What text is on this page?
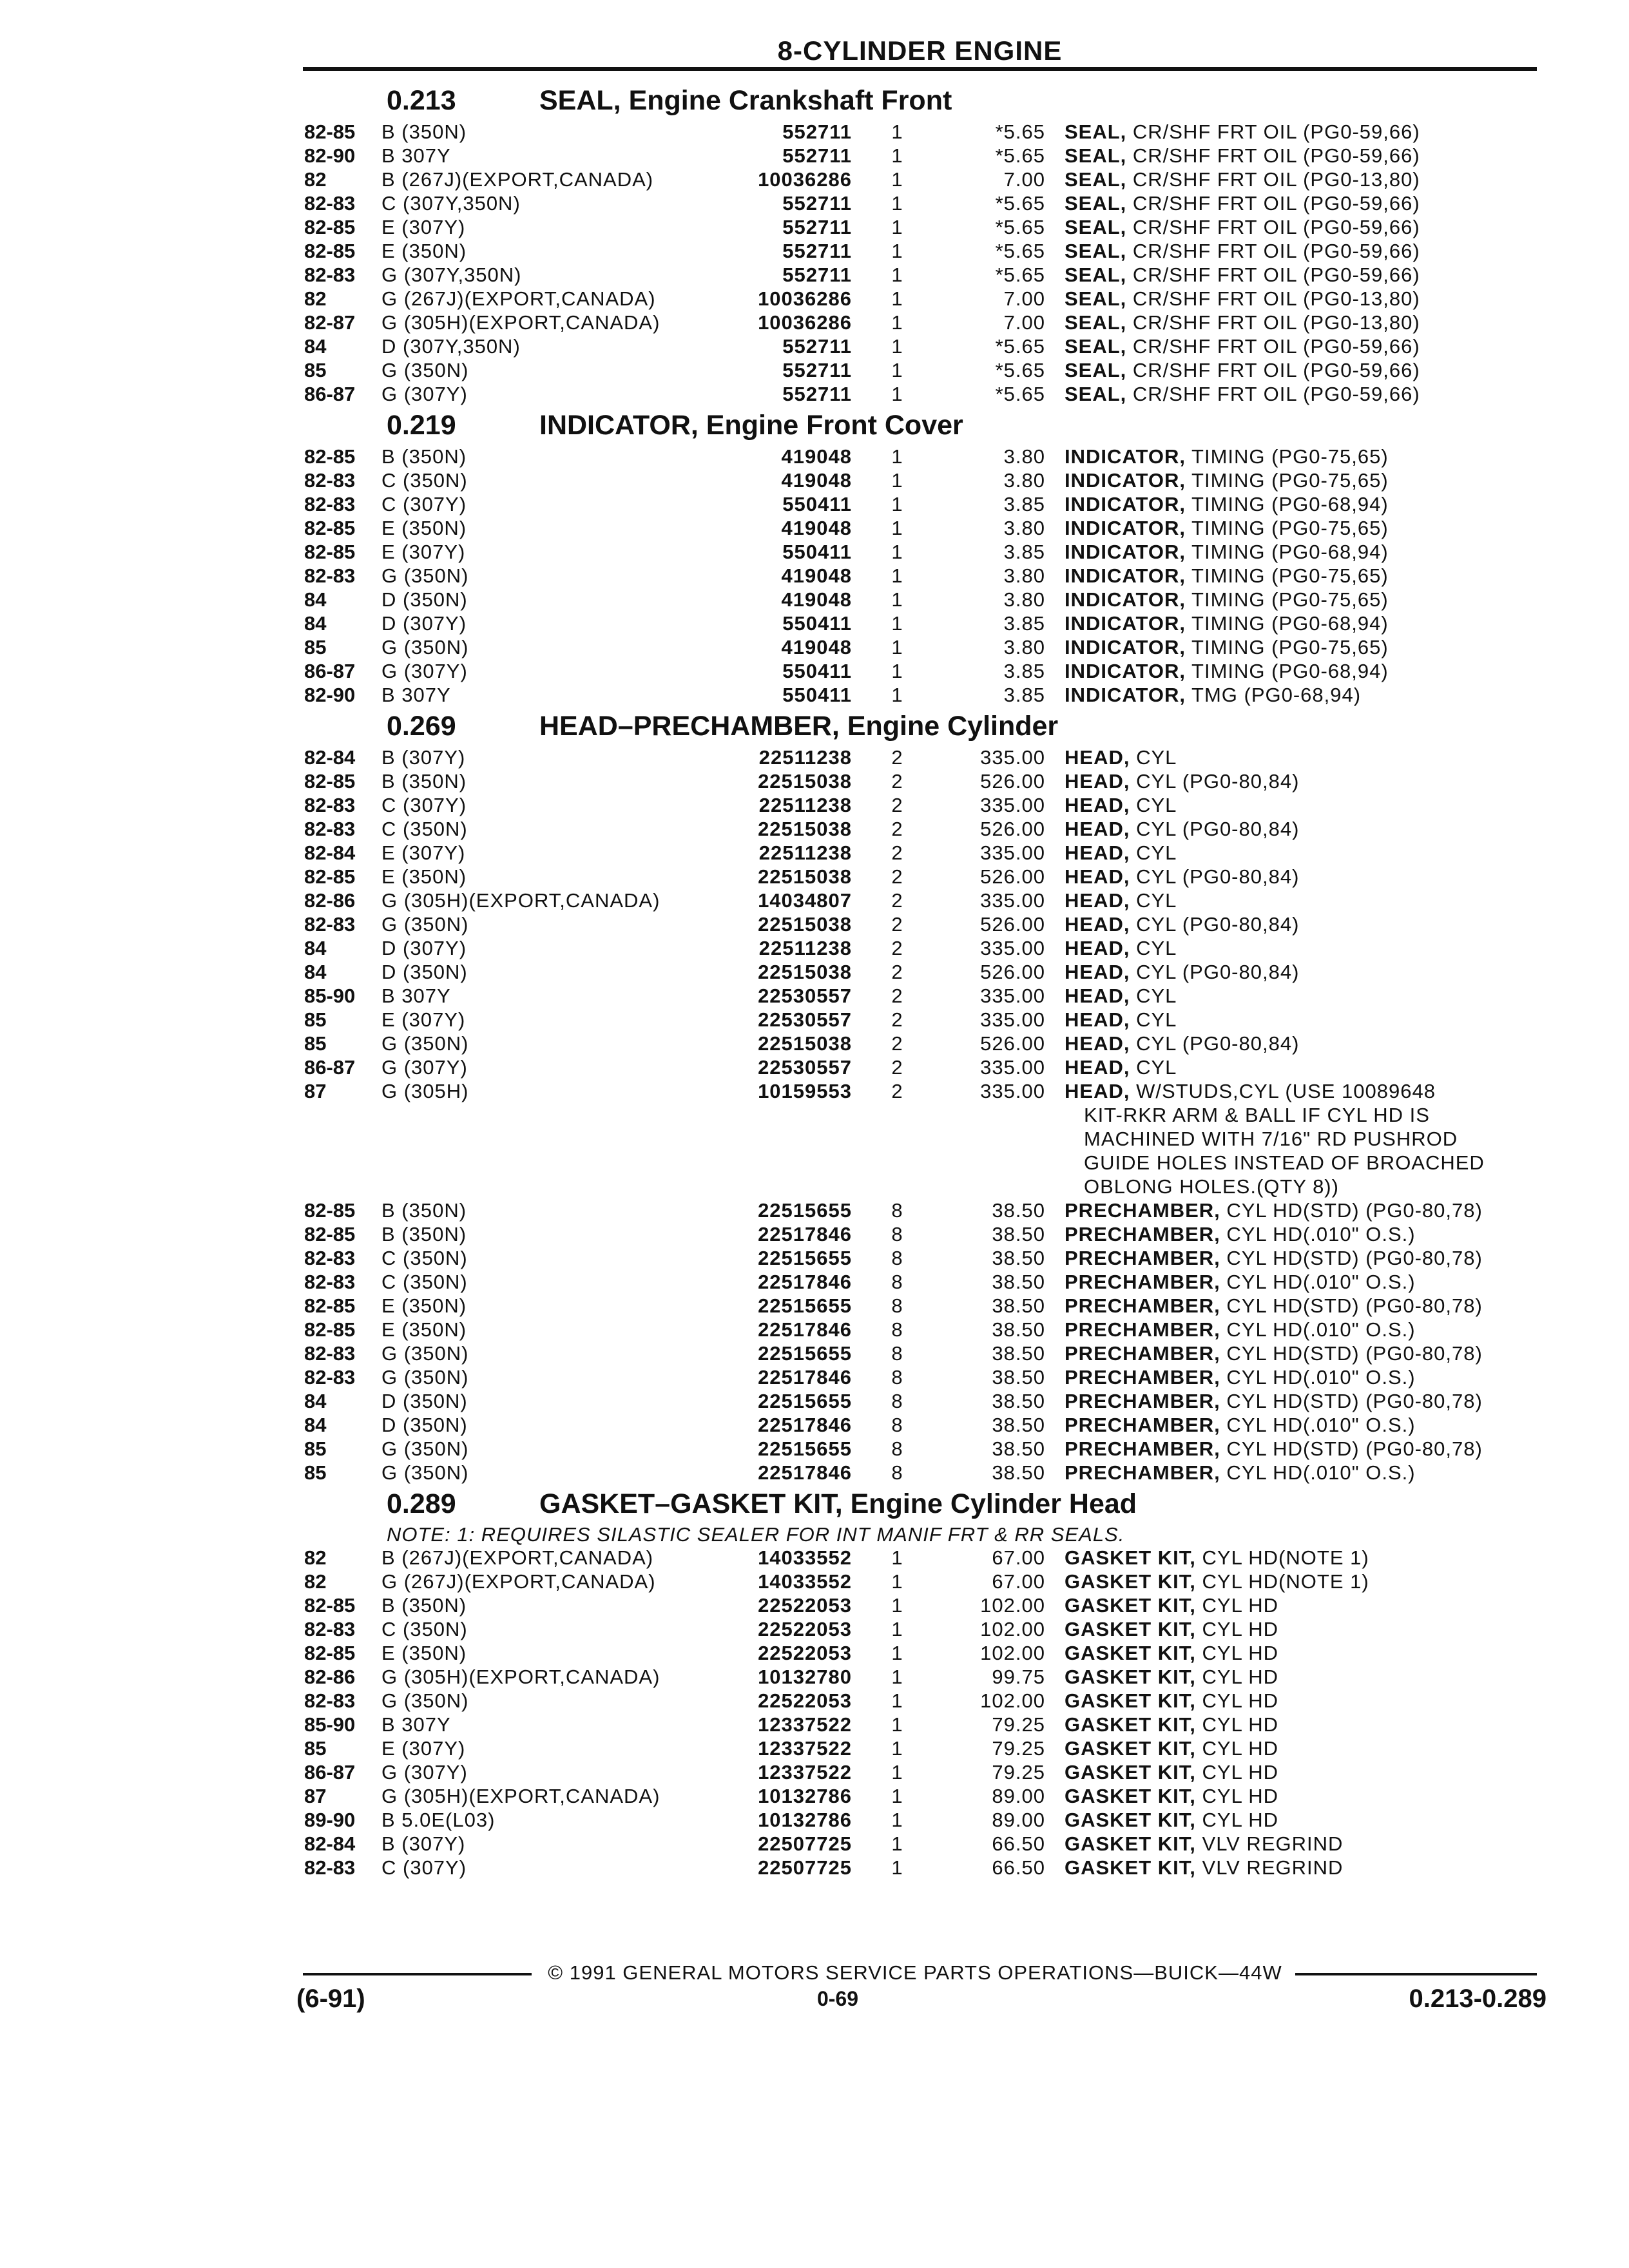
8-CYLINDER ENGINE
0.213	SEAL, Engine Crankshaft Front
82-85 B (350N)	552711 1	*5.65 SEAL, CR/SHF FRT OIL (PG0-59,66)
82-90 B 307Y	552711 1	*5.65 SEAL, CR/SHF FRT OIL (PG0-59,66)
82	B (267J)(EXPORT,CANADA)	10036286 1	7.00 SEAL, CR/SHF FRT OIL (PG0-13,80)
82-83 C (307Y,350N)	552711 1	*5.65 SEAL, CR/SHF FRT OIL (PG0-59,66)
82-85 E (307Y)	552711 1	*5.65 SEAL, CR/SHF FRT OIL (PG0-59,66)
82-85 E (350N)	552711 1	*5.65 SEAL, CR/SHF FRT OIL (PG0-59,66)
82-83 G (307Y,350N)	552711 1	*5.65 SEAL, CR/SHF FRT OIL (PG0-59,66)
82	G (267J)(EXPORT,CANADA)	10036286 1	7.00 SEAL, CR/SHF FRT OIL (PG0-13,80)
82-87 G (305H)(EXPORT,CANADA)	10036286 1	7.00 SEAL, CR/SHF FRT OIL (PG0-13,80)
84	D (307Y,350N)	552711 1	*5.65 SEAL, CR/SHF FRT OIL (PG0-59,66)
85	G (350N)	552711 1	*5.65 SEAL, CR/SHF FRT OIL (PG0-59,66)
86-87 G (307Y)	552711 1	*5.65 SEAL, CR/SHF FRT OIL (PG0-59,66)
0.219	INDICATOR, Engine Front Cover
82-85 B (350N)	419048 1	3.80 INDICATOR, TIMING (PG0-75,65)
82-83 C (350N)	419048 1	3.80 INDICATOR, TIMING (PG0-75,65)
82-83 C (307Y)	550411 1	3.85 INDICATOR, TIMING (PG0-68,94)
82-85 E (350N)	419048 1	3.80 INDICATOR, TIMING (PG0-75,65)
82-85 E (307Y)	550411 1	3.85 INDICATOR, TIMING (PG0-68,94)
82-83 G (350N)	419048 1	3.80 INDICATOR, TIMING (PG0-75,65)
84	D (350N)	419048 1	3.80 INDICATOR, TIMING (PG0-75,65)
84	D (307Y)	550411 1	3.85 INDICATOR, TIMING (PG0-68,94)
85	G (350N)	419048 1	3.80 INDICATOR, TIMING (PG0-75,65)
86-87 G (307Y)	550411 1	3.85 INDICATOR, TIMING (PG0-68,94)
82-90 B 307Y	550411 1	3.85 INDICATOR, TMG (PG0-68,94)
0.269	HEAD–PRECHAMBER, Engine Cylinder
82-84 B (307Y)	22511238 2	335.00 HEAD, CYL
82-85 B (350N)	22515038 2	526.00 HEAD, CYL (PG0-80,84)
82-83 C (307Y)	22511238 2	335.00 HEAD, CYL
82-83 C (350N)	22515038 2	526.00 HEAD, CYL (PG0-80,84)
82-84 E (307Y)	22511238 2	335.00 HEAD, CYL
82-85 E (350N)	22515038 2	526.00 HEAD, CYL (PG0-80,84)
82-86 G (305H)(EXPORT,CANADA)	14034807 2	335.00 HEAD, CYL
82-83 G (350N)	22515038 2	526.00 HEAD, CYL (PG0-80,84)
84	D (307Y)	22511238 2	335.00 HEAD, CYL
84	D (350N)	22515038 2	526.00 HEAD, CYL (PG0-80,84)
85-90 B 307Y	22530557 2	335.00 HEAD, CYL
85	E (307Y)	22530557 2	335.00 HEAD, CYL
85	G (350N)	22515038 2	526.00 HEAD, CYL (PG0-80,84)
86-87 G (307Y)	22530557 2	335.00 HEAD, CYL
87	G (305H)	10159553 2	335.00 HEAD, W/STUDS,CYL (USE 10089648
KIT-RKR ARM & BALL IF CYL HD IS
MACHINED WITH 7/16" RD PUSHROD
GUIDE HOLES INSTEAD OF BROACHED
OBLONG HOLES.(QTY 8))
82-85 B (350N)	22515655 8	38.50 PRECHAMBER, CYL HD(STD) (PG0-80,78)
82-85 B (350N)	22517846 8	38.50 PRECHAMBER, CYL HD(.010" O.S.)
82-83 C (350N)	22515655 8	38.50 PRECHAMBER, CYL HD(STD) (PG0-80,78)
82-83 C (350N)	22517846 8	38.50 PRECHAMBER, CYL HD(.010" O.S.)
82-85 E (350N)	22515655 8	38.50 PRECHAMBER, CYL HD(STD) (PG0-80,78)
82-85 E (350N)	22517846 8	38.50 PRECHAMBER, CYL HD(.010" O.S.)
82-83 G (350N)	22515655 8	38.50 PRECHAMBER, CYL HD(STD) (PG0-80,78)
82-83 G (350N)	22517846 8	38.50 PRECHAMBER, CYL HD(.010" O.S.)
84	D (350N)	22515655 8	38.50 PRECHAMBER, CYL HD(STD) (PG0-80,78)
84	D (350N)	22517846 8	38.50 PRECHAMBER, CYL HD(.010" O.S.)
85	G (350N)	22515655 8	38.50 PRECHAMBER, CYL HD(STD) (PG0-80,78)
85	G (350N)	22517846 8	38.50 PRECHAMBER, CYL HD(.010" O.S.)
0.289	GASKET–GASKET KIT, Engine Cylinder Head
NOTE: 1: REQUIRES SILASTIC SEALER FOR INT MANIF FRT & RR SEALS.
82	B (267J)(EXPORT,CANADA)	14033552 1	67.00 GASKET KIT, CYL HD(NOTE 1)
82	G (267J)(EXPORT,CANADA)	14033552 1	67.00 GASKET KIT, CYL HD(NOTE 1)
82-85 B (350N)	22522053 1	102.00 GASKET KIT, CYL HD
82-83 C (350N)	22522053 1	102.00 GASKET KIT, CYL HD
82-85 E (350N)	22522053 1	102.00 GASKET KIT, CYL HD
82-86 G (305H)(EXPORT,CANADA)	10132780 1	99.75 GASKET KIT, CYL HD
82-83 G (350N)	22522053 1	102.00 GASKET KIT, CYL HD
85-90 B 307Y	12337522 1	79.25 GASKET KIT, CYL HD
85	E (307Y)	12337522 1	79.25 GASKET KIT, CYL HD
86-87 G (307Y)	12337522 1	79.25 GASKET KIT, CYL HD
87	G (305H)(EXPORT,CANADA)	10132786 1	89.00 GASKET KIT, CYL HD
89-90 B 5.0E(L03)	10132786 1	89.00 GASKET KIT, CYL HD
82-84 B (307Y)	22507725 1	66.50 GASKET KIT, VLV REGRIND
82-83 C (307Y)	22507725 1	66.50 GASKET KIT, VLV REGRIND
© 1991 GENERAL MOTORS SERVICE PARTS OPERATIONS—BUICK—44W
(6-91)	0-69	0.213-0.289
